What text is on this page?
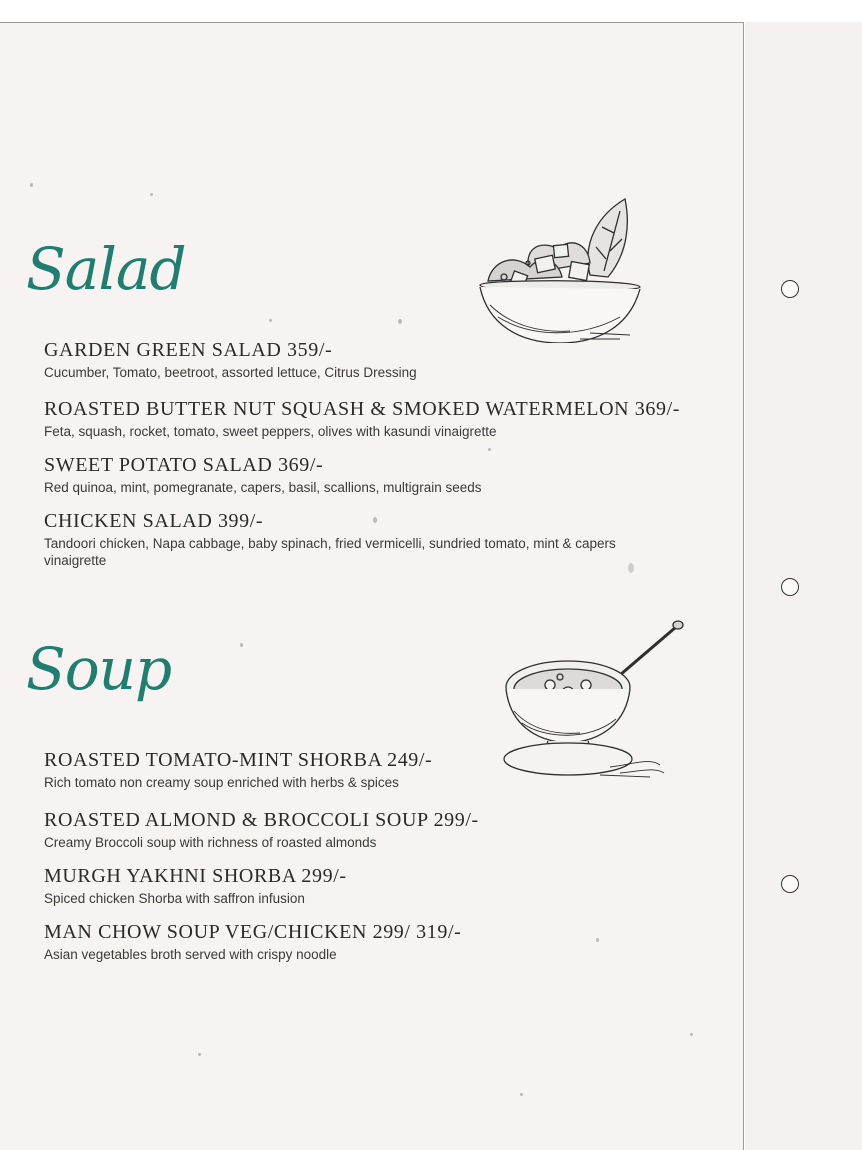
Salad
GARDEN GREEN SALAD 359/-
Cucumber, Tomato, beetroot, assorted lettuce, Citrus Dressing
ROASTED BUTTER NUT SQUASH & SMOKED WATERMELON 369/-
Feta, squash, rocket, tomato, sweet peppers, olives with kasundi vinaigrette
SWEET POTATO SALAD 369/-
Red quinoa, mint, pomegranate, capers, basil, scallions, multigrain seeds
CHICKEN SALAD 399/-
Tandoori chicken, Napa cabbage, baby spinach, fried vermicelli, sundried tomato, mint & capers vinaigrette
Soup
ROASTED TOMATO-MINT SHORBA 249/-
Rich tomato non creamy soup enriched with herbs & spices
ROASTED ALMOND & BROCCOLI SOUP 299/-
Creamy Broccoli soup with richness of roasted almonds
MURGH YAKHNI SHORBA 299/-
Spiced chicken Shorba with saffron infusion
MAN CHOW SOUP VEG/CHICKEN 299/ 319/-
Asian vegetables broth served with crispy noodle
